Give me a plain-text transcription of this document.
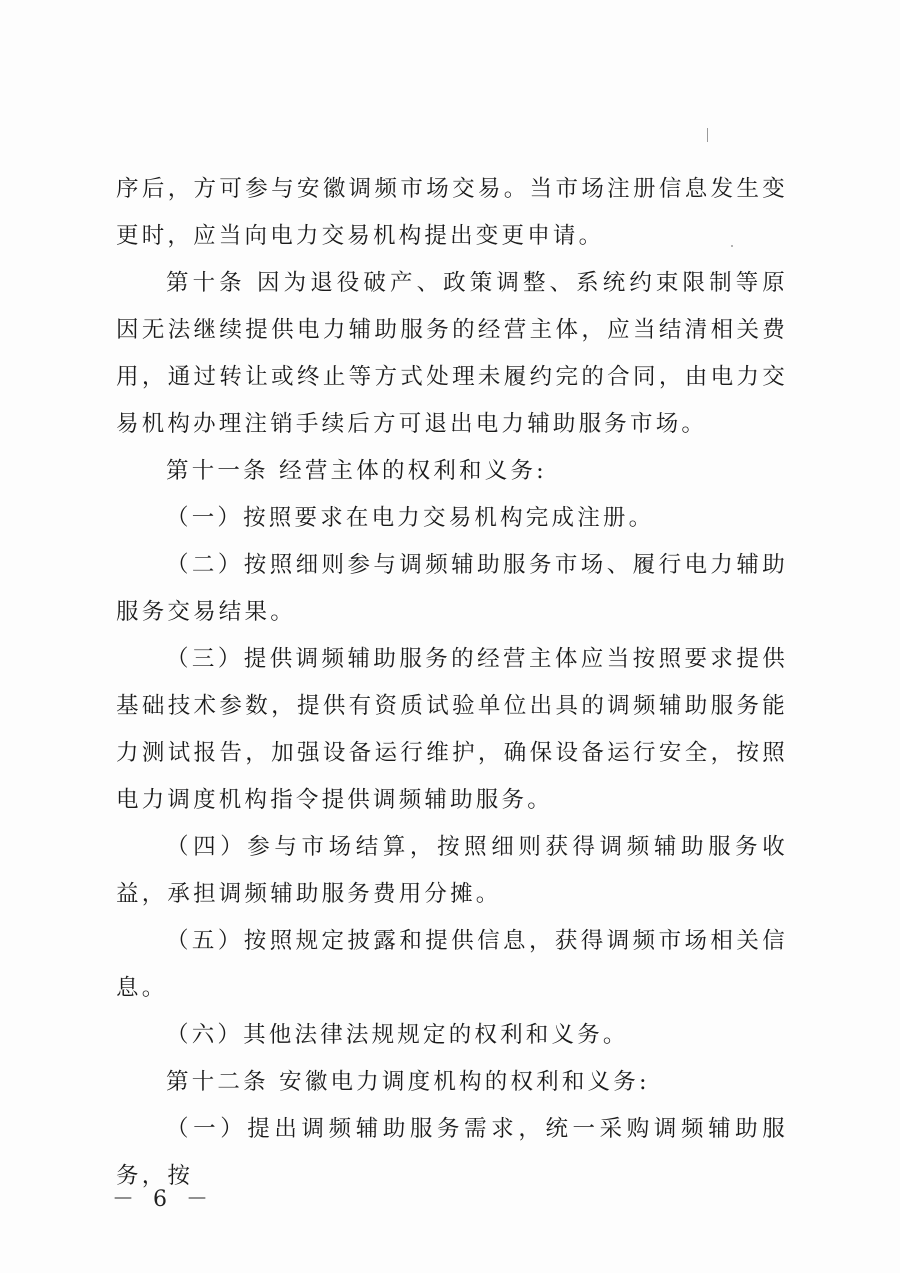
序后，方可参与安徽调频市场交易。当市场注册信息发生变更时，应当向电力交易机构提出变更申请。

第十条 因为退役破产、政策调整、系统约束限制等原因无法继续提供电力辅助服务的经营主体，应当结清相关费用，通过转让或终止等方式处理未履约完的合同，由电力交易机构办理注销手续后方可退出电力辅助服务市场。

第十一条 经营主体的权利和义务:

（一）按照要求在电力交易机构完成注册。

（二）按照细则参与调频辅助服务市场、履行电力辅助服务交易结果。

（三）提供调频辅助服务的经营主体应当按照要求提供基础技术参数，提供有资质试验单位出具的调频辅助服务能力测试报告，加强设备运行维护，确保设备运行安全，按照电力调度机构指令提供调频辅助服务。

（四）参与市场结算，按照细则获得调频辅助服务收益，承担调频辅助服务费用分摊。

（五）按照规定披露和提供信息，获得调频市场相关信息。

（六）其他法律法规规定的权利和义务。

第十二条 安徽电力调度机构的权利和义务:

（一）提出调频辅助服务需求，统一采购调频辅助服务，按

－ 6 －
